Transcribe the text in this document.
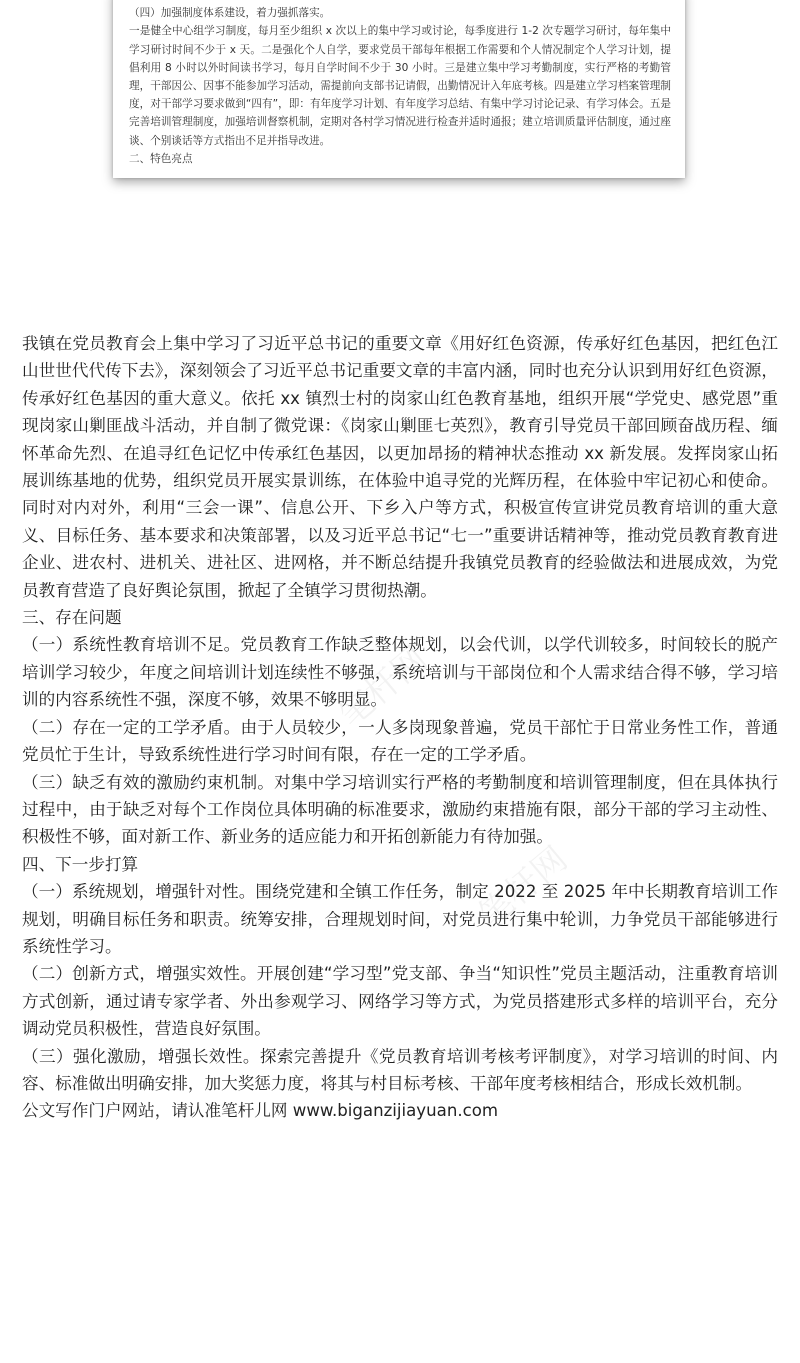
（四）加强制度体系建设，着力强抓落实。

一是健全中心组学习制度，每月至少组织 x 次以上的集中学习或讨论，每季度进行 1-2 次专题学习研讨，每年集中学习研讨时间不少于 x 天。二是强化个人自学，要求党员干部每年根据工作需要和个人情况制定个人学习计划，提倡利用 8 小时以外时间读书学习，每月自学时间不少于 30 小时。三是建立集中学习考勤制度，实行严格的考勤管理，干部因公、因事不能参加学习活动，需提前向支部书记请假，出勤情况计入年底考核。四是建立学习档案管理制度，对干部学习要求做到“四有”，即：有年度学习计划、有年度学习总结、有集中学习讨论记录、有学习体会。五是完善培训管理制度，加强培训督察机制，定期对各村学习情况进行检查并适时通报；建立培训质量评估制度，通过座谈、个别谈话等方式指出不足并指导改进。

二、特色亮点

笔杆网
笔杆网

我镇在党员教育会上集中学习了习近平总书记的重要文章《用好红色资源，传承好红色基因，把红色江山世世代代传下去》，深刻领会了习近平总书记重要文章的丰富内涵，同时也充分认识到用好红色资源，传承好红色基因的重大意义。依托 xx 镇烈士村的岗家山红色教育基地，组织开展“学党史、感党恩”重现岗家山剿匪战斗活动，并自制了微党课：《岗家山剿匪七英烈》，教育引导党员干部回顾奋战历程、缅怀革命先烈、在追寻红色记忆中传承红色基因，以更加昂扬的精神状态推动 xx 新发展。发挥岗家山拓展训练基地的优势，组织党员开展实景训练，在体验中追寻党的光辉历程，在体验中牢记初心和使命。同时对内对外，利用“三会一课”、信息公开、下乡入户等方式，积极宣传宣讲党员教育培训的重大意义、目标任务、基本要求和决策部署，以及习近平总书记“七一”重要讲话精神等，推动党员教育教育进企业、进农村、进机关、进社区、进网格，并不断总结提升我镇党员教育的经验做法和进展成效，为党员教育营造了良好舆论氛围，掀起了全镇学习贯彻热潮。

三、存在问题

（一）系统性教育培训不足。党员教育工作缺乏整体规划，以会代训，以学代训较多，时间较长的脱产培训学习较少，年度之间培训计划连续性不够强，系统培训与干部岗位和个人需求结合得不够，学习培训的内容系统性不强，深度不够，效果不够明显。

（二）存在一定的工学矛盾。由于人员较少，一人多岗现象普遍，党员干部忙于日常业务性工作，普通党员忙于生计，导致系统性进行学习时间有限，存在一定的工学矛盾。

（三）缺乏有效的激励约束机制。对集中学习培训实行严格的考勤制度和培训管理制度，但在具体执行过程中，由于缺乏对每个工作岗位具体明确的标准要求，激励约束措施有限，部分干部的学习主动性、积极性不够，面对新工作、新业务的适应能力和开拓创新能力有待加强。

四、下一步打算

（一）系统规划，增强针对性。围绕党建和全镇工作任务，制定 2022 至 2025 年中长期教育培训工作规划，明确目标任务和职责。统筹安排，合理规划时间，对党员进行集中轮训，力争党员干部能够进行系统性学习。

（二）创新方式，增强实效性。开展创建“学习型”党支部、争当“知识性”党员主题活动，注重教育培训方式创新，通过请专家学者、外出参观学习、网络学习等方式，为党员搭建形式多样的培训平台，充分调动党员积极性，营造良好氛围。

（三）强化激励，增强长效性。探索完善提升《党员教育培训考核考评制度》，对学习培训的时间、内容、标准做出明确安排，加大奖惩力度，将其与村目标考核、干部年度考核相结合，形成长效机制。

公文写作门户网站，请认准笔杆儿网 www.biganzijiayuan.com
